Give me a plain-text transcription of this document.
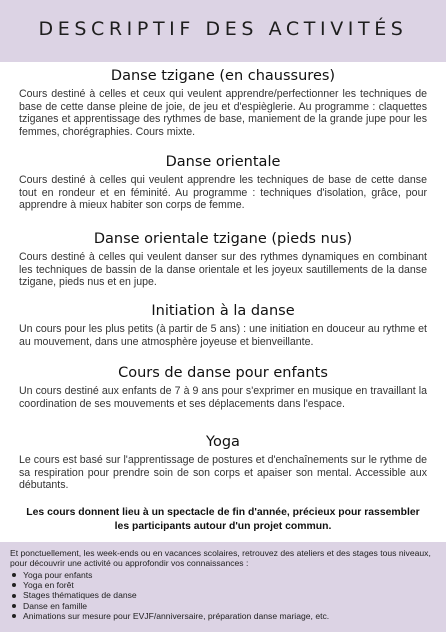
DESCRIPTIF DES ACTIVITÉS
Danse tzigane (en chaussures)

Cours destiné à celles et ceux qui veulent apprendre/perfectionner les techniques de base de cette danse pleine de joie, de jeu et d'espièglerie. Au programme : claquettes tziganes et apprentissage des rythmes de base, maniement de la grande jupe pour les femmes, chorégraphies. Cours mixte.

Danse orientale

Cours destiné à celles qui veulent apprendre les techniques de base de cette danse tout en rondeur et en féminité. Au programme : techniques d'isolation, grâce, pour apprendre à mieux habiter son corps de femme.

Danse orientale tzigane (pieds nus)

Cours destiné à celles qui veulent danser sur des rythmes dynamiques en combinant les techniques de bassin de la danse orientale et les joyeux sautillements de la danse tzigane, pieds nus et en jupe.

Initiation à la danse

Un cours pour les plus petits (à partir de 5 ans) : une initiation en douceur au rythme et au mouvement, dans une atmosphère joyeuse et bienveillante.

Cours de danse pour enfants

Un cours destiné aux enfants de 7 à 9 ans pour s'exprimer en musique en travaillant la coordination de ses mouvements et ses déplacements dans l'espace.

Yoga

Le cours est basé sur l'apprentissage de postures et d'enchaînements sur le rythme de sa respiration pour prendre soin de son corps et apaiser son mental. Accessible aux débutants.

Les cours donnent lieu à un spectacle de fin d'année, précieux pour rassembler les participants autour d'un projet commun.

Et ponctuellement, les week-ends ou en vacances scolaires, retrouvez des ateliers et des stages tous niveaux, pour découvrir une activité ou approfondir vos connaissances :

Yoga pour enfants
Yoga en forêt
Stages thématiques de danse
Danse en famille
Animations sur mesure pour EVJF/anniversaire, préparation danse mariage, etc.
